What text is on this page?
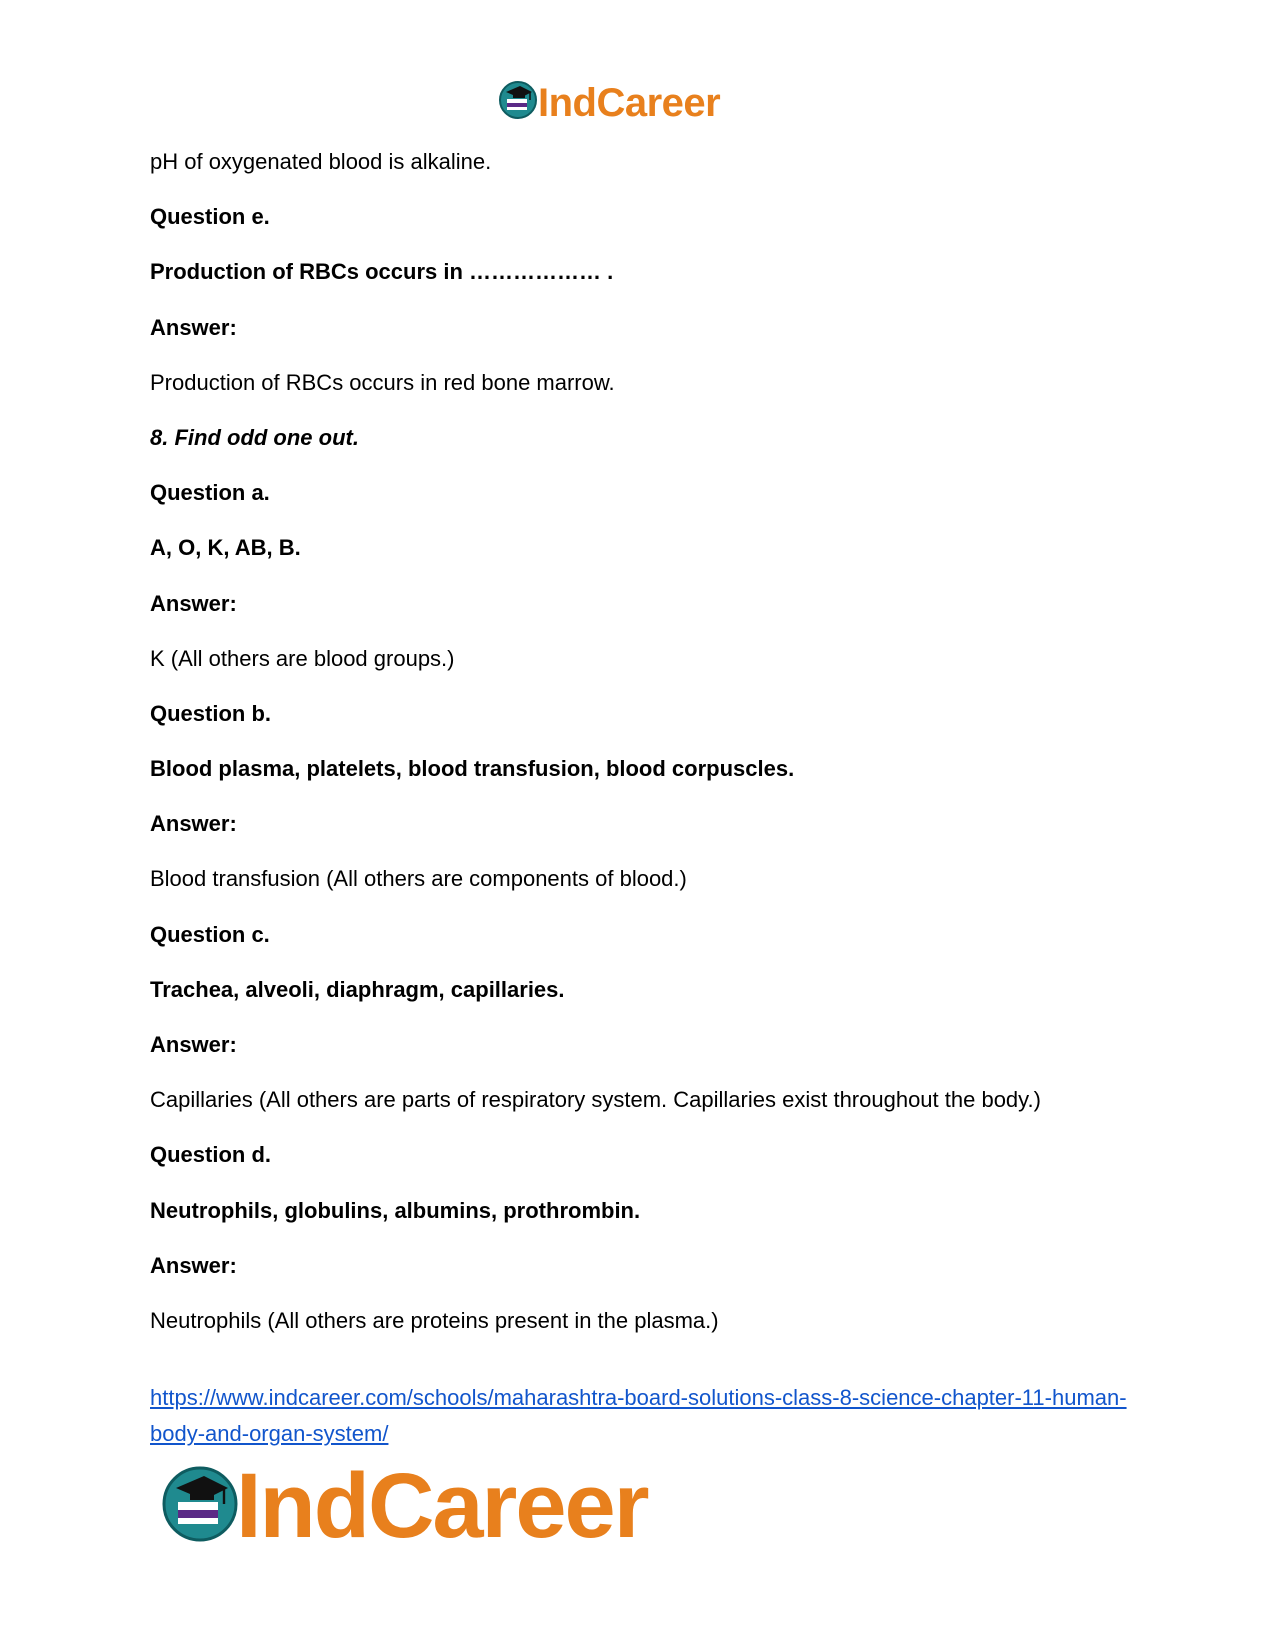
IndCareer
pH of oxygenated blood is alkaline.
Question e.
Production of RBCs occurs in ……………… .
Answer:
Production of RBCs occurs in red bone marrow.
8. Find odd one out.
Question a.
A, O, K, AB, B.
Answer:
K (All others are blood groups.)
Question b.
Blood plasma, platelets, blood transfusion, blood corpuscles.
Answer:
Blood transfusion (All others are components of blood.)
Question c.
Trachea, alveoli, diaphragm, capillaries.
Answer:
Capillaries (All others are parts of respiratory system. Capillaries exist throughout the body.)
Question d.
Neutrophils, globulins, albumins, prothrombin.
Answer:
Neutrophils (All others are proteins present in the plasma.)
https://www.indcareer.com/schools/maharashtra-board-solutions-class-8-science-chapter-11-human-body-and-organ-system/
IndCareer
